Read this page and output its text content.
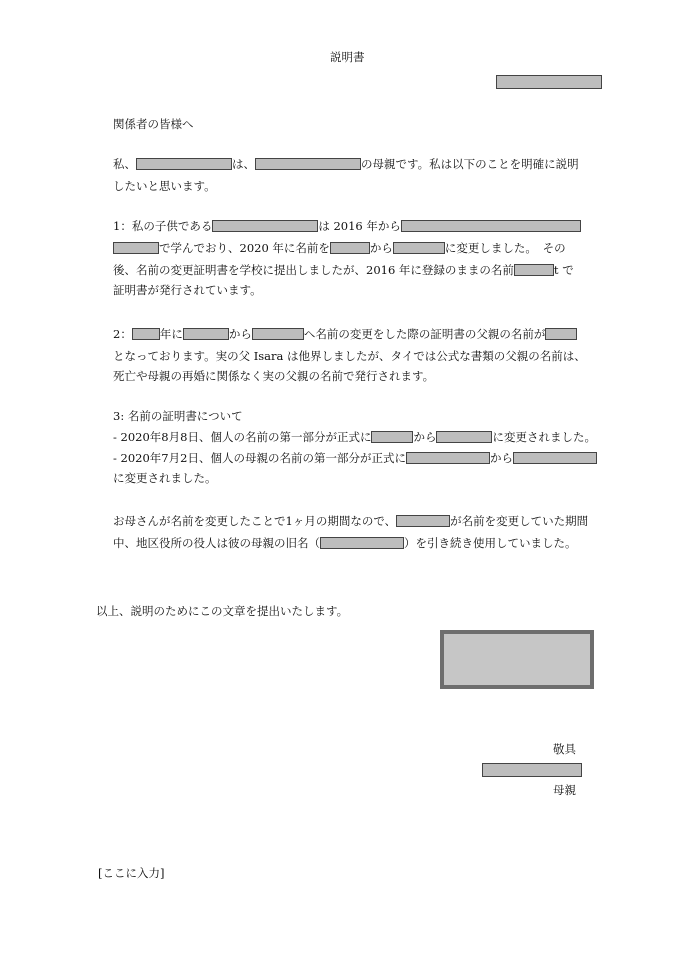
説明書
関係者の皆様へ
私、	は、	の母親です。私は以下のことを明確に説明
したいと思います。
1：私の子供である	は 2016 年から
で学んでおり、2020 年に名前を	から	に変更しました。　その
後、名前の変更証明書を学校に提出しましたが、2016 年に登録のままの名前	t で
証明書が発行されています。
2： 年に	から	へ名前の変更をした際の証明書の父親の名前が
となっております。実の父 Isara は他界しましたが、タイでは公式な書類の父親の名前は、
死亡や母親の再婚に関係なく実の父親の名前で発行されます。
3: 名前の証明書について
- 2020年8月8日、個人の名前の第一部分が正式に	から	に変更されました。
- 2020年7月2日、個人の母親の名前の第一部分が正式に	から
に変更されました。
お母さんが名前を変更したことで1ヶ月の期間なので、	が名前を変更していた期間
中、地区役所の役人は彼の母親の旧名（	）を引き続き使用していました。
以上、説明のためにこの文章を提出いたします。
敬具
母親
[ここに入力]
